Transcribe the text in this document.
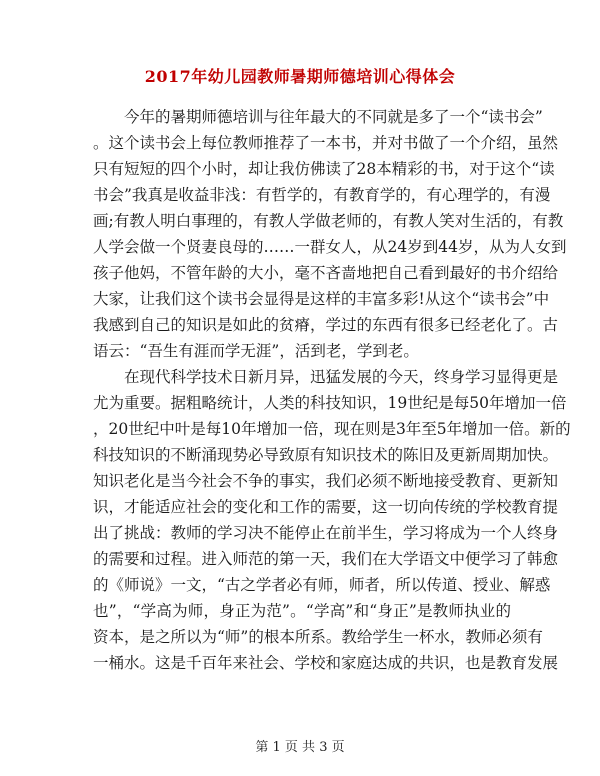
2017年幼儿园教师暑期师德培训心得体会
今年的暑期师德培训与往年最大的不同就是多了一个“读书会”
。这个读书会上每位教师推荐了一本书，并对书做了一个介绍，虽然
只有短短的四个小时，却让我仿佛读了28本精彩的书，对于这个“读
书会”我真是收益非浅：有哲学的，有教育学的，有心理学的，有漫
画;有教人明白事理的，有教人学做老师的，有教人笑对生活的，有教
人学会做一个贤妻良母的……一群女人，从24岁到44岁，从为人女到
孩子他妈，不管年龄的大小，毫不吝啬地把自己看到最好的书介绍给
大家，让我们这个读书会显得是这样的丰富多彩!从这个“读书会”中
我感到自己的知识是如此的贫瘠，学过的东西有很多已经老化了。古
语云：“吾生有涯而学无涯”，活到老，学到老。
在现代科学技术日新月异，迅猛发展的今天，终身学习显得更是
尤为重要。据粗略统计，人类的科技知识，19世纪是每50年增加一倍
，20世纪中叶是每10年增加一倍，现在则是3年至5年增加一倍。新的
科技知识的不断涌现势必导致原有知识技术的陈旧及更新周期加快。
知识老化是当今社会不争的事实，我们必须不断地接受教育、更新知
识，才能适应社会的变化和工作的需要，这一切向传统的学校教育提
出了挑战：教师的学习决不能停止在前半生，学习将成为一个人终身
的需要和过程。进入师范的第一天，我们在大学语文中便学习了韩愈
的《师说》一文，“古之学者必有师，师者，所以传道、授业、解惑
也”，“学高为师，身正为范”。“学高”和“身正”是教师执业的
资本，是之所以为“师”的根本所系。教给学生一杯水，教师必须有
一桶水。这是千百年来社会、学校和家庭达成的共识，也是教育发展
第 1 页 共 3 页
